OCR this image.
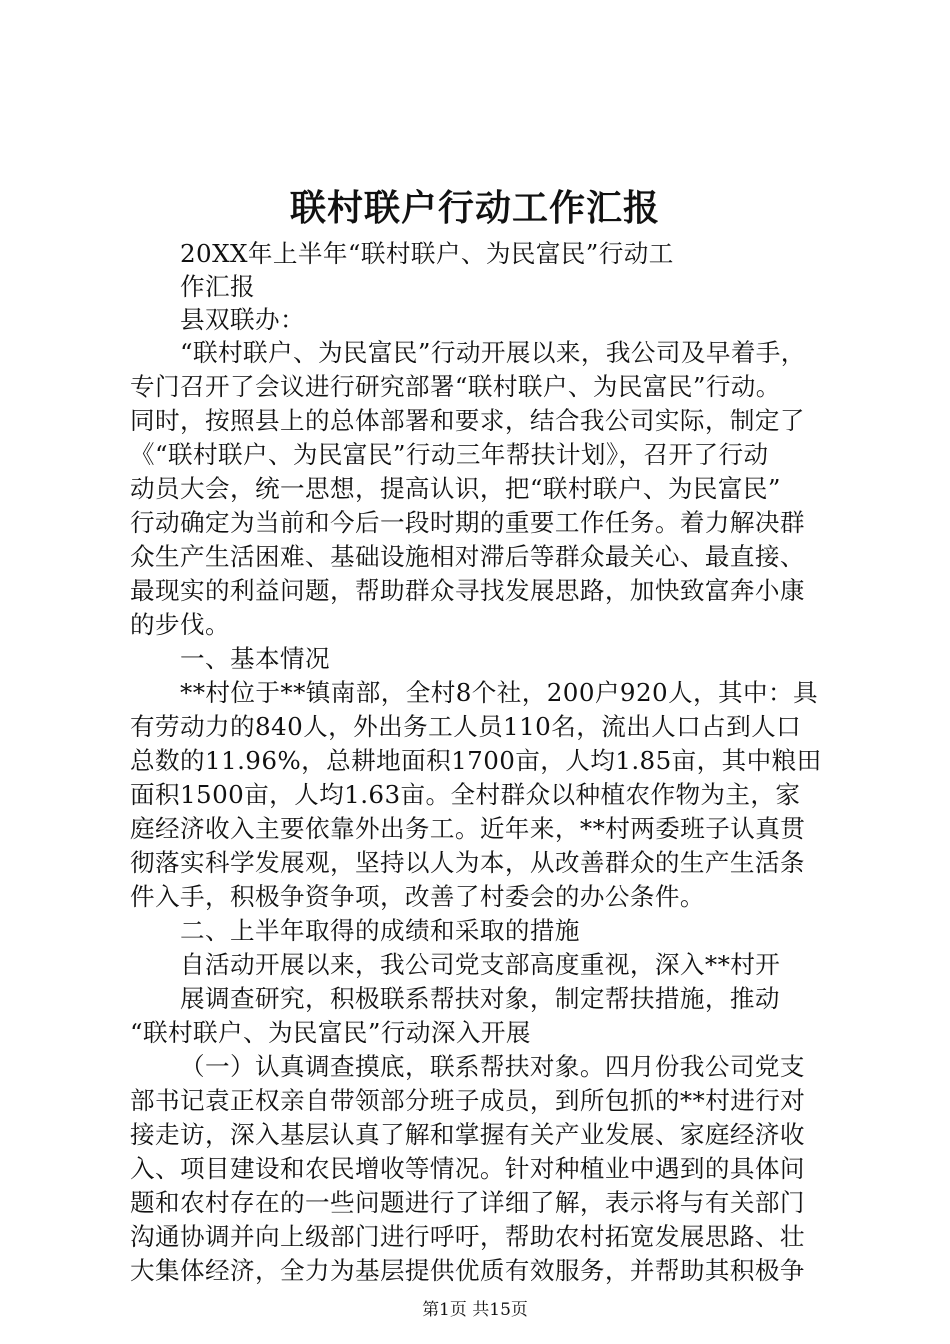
联村联户行动工作汇报
20XX年上半年“联村联户、为民富民”行动工
作汇报
县双联办：
“联村联户、为民富民”行动开展以来，我公司及早着手，
专门召开了会议进行研究部署“联村联户、为民富民”行动。
同时，按照县上的总体部署和要求，结合我公司实际，制定了
《“联村联户、为民富民”行动三年帮扶计划》，召开了行动
动员大会，统一思想，提高认识，把“联村联户、为民富民”
行动确定为当前和今后一段时期的重要工作任务。着力解决群
众生产生活困难、基础设施相对滞后等群众最关心、最直接、
最现实的利益问题，帮助群众寻找发展思路，加快致富奔小康
的步伐。
一、基本情况
**村位于**镇南部，全村8个社，200户920人，其中：具
有劳动力的840人，外出务工人员110名，流出人口占到人口
总数的11.96%，总耕地面积1700亩，人均1.85亩，其中粮田
面积1500亩，人均1.63亩。全村群众以种植农作物为主，家
庭经济收入主要依靠外出务工。近年来，**村两委班子认真贯
彻落实科学发展观，坚持以人为本，从改善群众的生产生活条
件入手，积极争资争项，改善了村委会的办公条件。
二、上半年取得的成绩和采取的措施
自活动开展以来，我公司党支部高度重视，深入**村开
展调查研究，积极联系帮扶对象，制定帮扶措施，推动
“联村联户、为民富民”行动深入开展
（一）认真调查摸底，联系帮扶对象。四月份我公司党支
部书记袁正权亲自带领部分班子成员，到所包抓的**村进行对
接走访，深入基层认真了解和掌握有关产业发展、家庭经济收
入、项目建设和农民增收等情况。针对种植业中遇到的具体问
题和农村存在的一些问题进行了详细了解，表示将与有关部门
沟通协调并向上级部门进行呼吁，帮助农村拓宽发展思路、壮
大集体经济，全力为基层提供优质有效服务，并帮助其积极争
第1页 共15页
